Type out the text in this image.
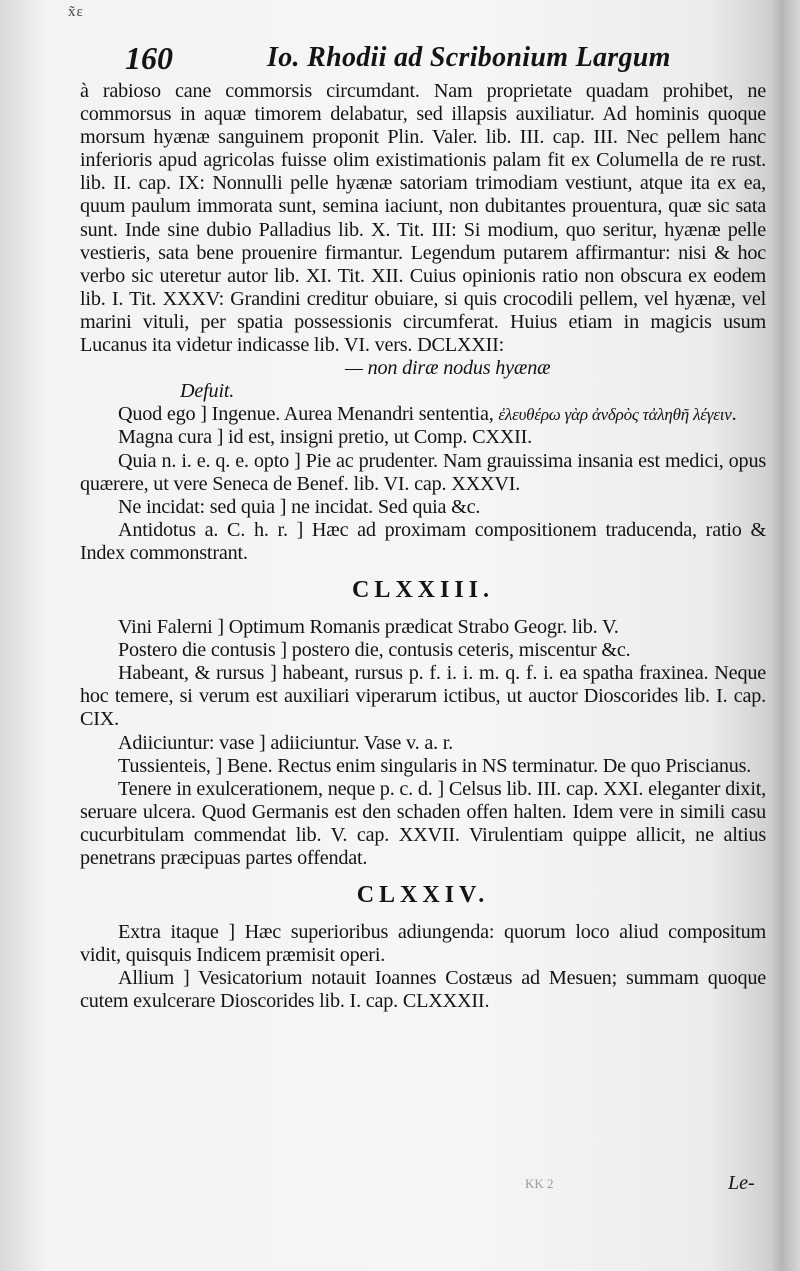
x̃ɛ
160	Io. Rhodii ad Scribonium Largum

à rabioso cane commorsis circumdant. Nam proprietate quadam prohibet, ne commorsus in aquæ timorem delabatur, sed illapsis auxiliatur. Ad hominis quoque morsum hyænæ sanguinem proponit Plin. Valer. lib. III. cap. III. Nec pellem hanc inferioris apud agricolas fuisse olim existimationis palam fit ex Columella de re rust. lib. II. cap. IX: Nonnulli pelle hyænæ satoriam trimodiam vestiunt, atque ita ex ea, quum paulum immorata sunt, semina iaciunt, non dubitantes prouentura, quæ sic sata sunt. Inde sine dubio Palladius lib. X. Tit. III: Si modium, quo seritur, hyænæ pelle vestieris, sata bene prouenire firmantur. Legendum putarem affirmantur: nisi & hoc verbo sic uteretur autor lib. XI. Tit. XII. Cuius opinionis ratio non obscura ex eodem lib. I. Tit. XXXV: Grandini creditur obuiare, si quis crocodili pellem, vel hyænæ, vel marini vituli, per spatia possessionis circumferat. Huius etiam in magicis usum Lucanus ita videtur indicasse lib. VI. vers. DCLXXII:

— non diræ nodus hyænæ

Defuit.

Quod ego ] Ingenue. Aurea Menandri sententia, ἐλευθέρω γὰρ ἀνδρὸς τἀληθῆ λέγειν.

Magna cura ] id est, insigni pretio, ut Comp. CXXII.

Quia n. i. e. q. e. opto ] Pie ac prudenter. Nam grauissima insania est medici, opus quærere, ut vere Seneca de Benef. lib. VI. cap. XXXVI.

Ne incidat: sed quia ] ne incidat. Sed quia &c.

Antidotus a. C. h. r. ] Hæc ad proximam compositionem traducenda, ratio & Index commonstrant.

CLXXIII.

Vini Falerni ] Optimum Romanis prædicat Strabo Geogr. lib. V.

Postero die contusis ] postero die, contusis ceteris, miscentur &c.

Habeant, & rursus ] habeant, rursus p. f. i. i. m. q. f. i. ea spatha fraxinea. Neque hoc temere, si verum est auxiliari viperarum ictibus, ut auctor Dioscorides lib. I. cap. CIX.

Adiiciuntur: vase ] adiiciuntur. Vase v. a. r.

Tussienteis, ] Bene. Rectus enim singularis in NS terminatur. De quo Priscianus.

Tenere in exulcerationem, neque p. c. d. ] Celsus lib. III. cap. XXI. eleganter dixit, seruare ulcera. Quod Germanis est den schaden offen halten. Idem vere in simili casu cucurbitulam commendat lib. V. cap. XXVII. Virulentiam quippe allicit, ne altius penetrans præcipuas partes offendat.

CLXXIV.

Extra itaque ] Hæc superioribus adiungenda: quorum loco aliud compositum vidit, quisquis Indicem præmisit operi.

Allium ] Vesicatorium notauit Ioannes Costæus ad Mesuen; summam quoque cutem exulcerare Dioscorides lib. I. cap. CLXXXII.

KK 2	Le-
